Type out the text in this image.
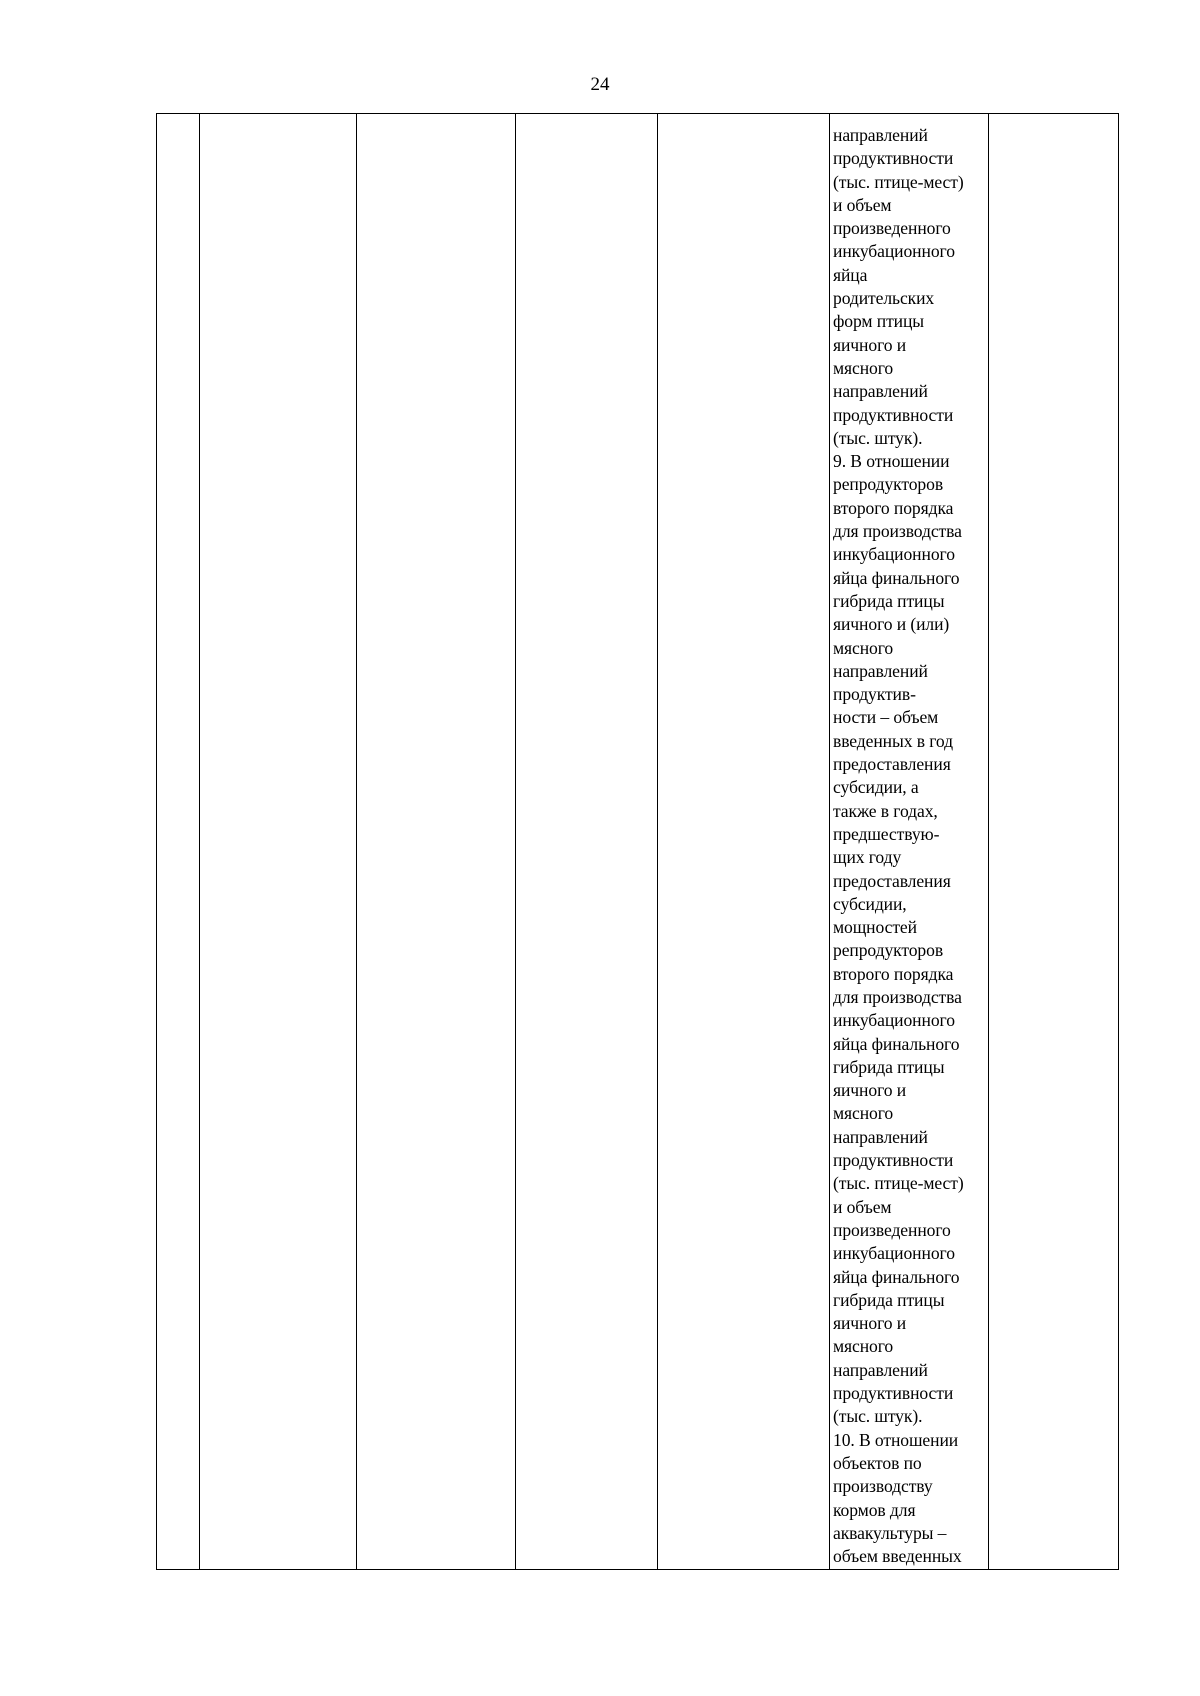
24

направлений
продуктивности
(тыс. птице-мест)
и объем
произведенного
инкубационного
яйца
родительских
форм птицы
яичного и
мясного
направлений
продуктивности
(тыс. штук).
9. В отношении
репродукторов
второго порядка
для производства
инкубационного
яйца финального
гибрида птицы
яичного и (или)
мясного
направлений
продуктив-
ности – объем
введенных в год
предоставления
субсидии, а
также в годах,
предшествую-
щих году
предоставления
субсидии,
мощностей
репродукторов
второго порядка
для производства
инкубационного
яйца финального
гибрида птицы
яичного и
мясного
направлений
продуктивности
(тыс. птице-мест)
и объем
произведенного
инкубационного
яйца финального
гибрида птицы
яичного и
мясного
направлений
продуктивности
(тыс. штук).
10. В отношении
объектов по
производству
кормов для
аквакультуры –
объем введенных
